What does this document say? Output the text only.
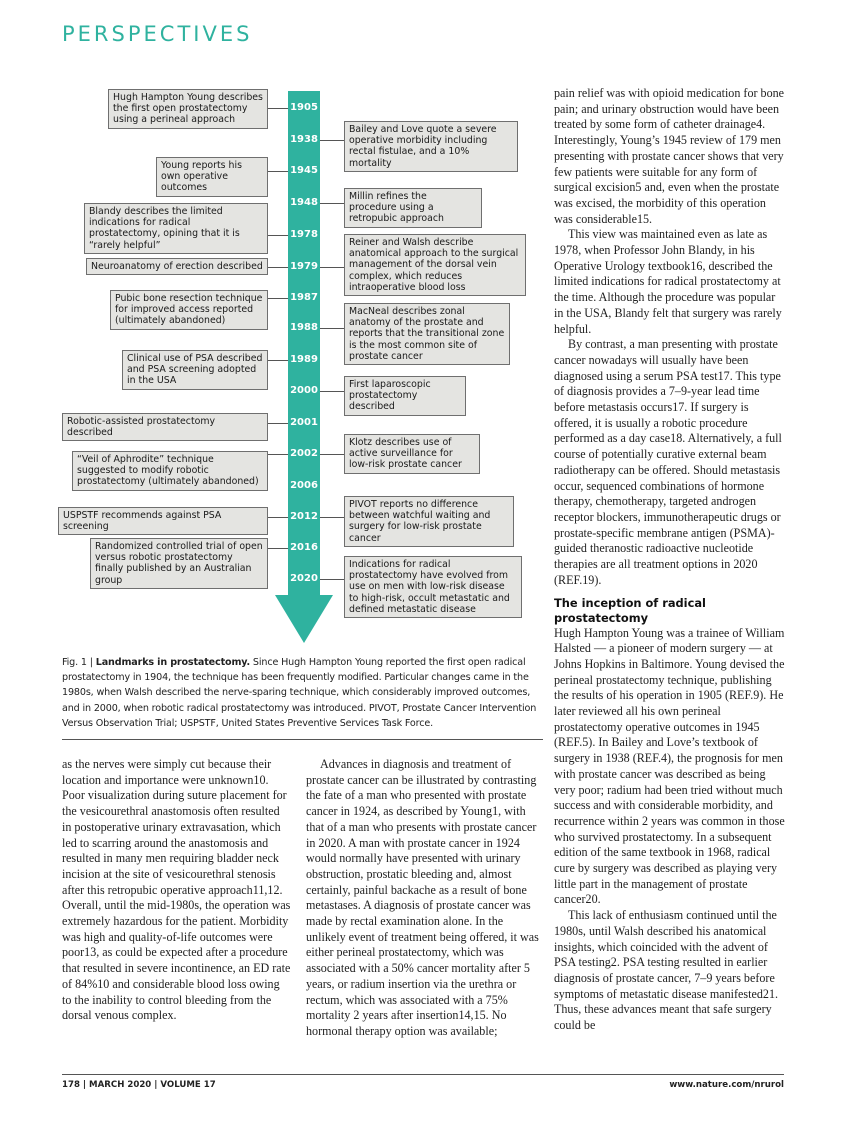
PERSPECTIVES
1905
1938
1945
1948
1978
1979
1987
1988
1989
2000
2001
2002
2006
2012
2016
2020
Hugh Hampton Young describes the first open prostatectomy using a perineal approach
Young reports his own operative outcomes
Blandy describes the limited indications for radical prostatectomy, opining that it is “rarely helpful”
Neuroanatomy of erection described
Pubic bone resection technique for improved access reported (ultimately abandoned)
Clinical use of PSA described and PSA screening adopted in the USA
Robotic-assisted prostatectomy described
“Veil of Aphrodite” technique suggested to modify robotic prostatectomy (ultimately abandoned)
USPSTF recommends against PSA screening
Randomized controlled trial of open versus robotic prostatectomy finally published by an Australian group
Bailey and Love quote a severe operative morbidity including rectal fistulae, and a 10% mortality
Millin refines the procedure using a retropubic approach
Reiner and Walsh describe anatomical approach to the surgical management of the dorsal vein complex, which reduces intraoperative blood loss
MacNeal describes zonal anatomy of the prostate and reports that the transitional zone is the most common site of prostate cancer
First laparoscopic prostatectomy described
Klotz describes use of active surveillance for low-risk prostate cancer
PIVOT reports no difference between watchful waiting and surgery for low-risk prostate cancer
Indications for radical prostatectomy have evolved from use on men with low-risk disease to high-risk, occult metastatic and defined metastatic disease
Fig. 1 | Landmarks in prostatectomy. Since Hugh Hampton Young reported the first open radical prostatectomy in 1904, the technique has been frequently modified. Particular changes came in the 1980s, when Walsh described the nerve-sparing technique, which considerably improved outcomes, and in 2000, when robotic radical prostatectomy was introduced. PIVOT, Prostate Cancer Intervention Versus Observation Trial; USPSTF, United States Preventive Services Task Force.

as the nerves were simply cut because their location and importance were unknown10. Poor visualization during suture placement for the vesicourethral anastomosis often resulted in postoperative urinary extravasation, which led to scarring around the anastomosis and resulted in many men requiring bladder neck incision at the site of vesicourethral stenosis after this retropubic operative approach11,12. Overall, until the mid-1980s, the operation was extremely hazardous for the patient. Morbidity was high and quality-of-life outcomes were poor13, as could be expected after a procedure that resulted in severe incontinence, an ED rate of 84%10 and considerable blood loss owing to the inability to control bleeding from the dorsal venous complex.

Advances in diagnosis and treatment of prostate cancer can be illustrated by contrasting the fate of a man who presented with prostate cancer in 1924, as described by Young1, with that of a man who presents with prostate cancer in 2020. A man with prostate cancer in 1924 would normally have presented with urinary obstruction, prostatic bleeding and, almost certainly, painful backache as a result of bone metastases. A diagnosis of prostate cancer was made by rectal examination alone. In the unlikely event of treatment being offered, it was either perineal prostatectomy, which was associated with a 50% cancer mortality after 5 years, or radium insertion via the urethra or rectum, which was associated with a 75% mortality 2 years after insertion14,15. No hormonal therapy option was available;

pain relief was with opioid medication for bone pain; and urinary obstruction would have been treated by some form of catheter drainage4. Interestingly, Young’s 1945 review of 179 men presenting with prostate cancer shows that very few patients were suitable for any form of surgical excision5 and, even when the prostate was excised, the morbidity of this operation was considerable15.

This view was maintained even as late as 1978, when Professor John Blandy, in his Operative Urology textbook16, described the limited indications for radical prostatectomy at the time. Although the procedure was popular in the USA, Blandy felt that surgery was rarely helpful.

By contrast, a man presenting with prostate cancer nowadays will usually have been diagnosed using a serum PSA test17. This type of diagnosis provides a 7–9-year lead time before metastasis occurs17. If surgery is offered, it is usually a robotic procedure performed as a day case18. Alternatively, a full course of potentially curative external beam radiotherapy can be offered. Should metastasis occur, sequenced combinations of hormone therapy, chemotherapy, targeted androgen receptor blockers, immunotherapeutic drugs or prostate-specific membrane antigen (PSMA)-guided theranostic radioactive nucleotide therapies are all treatment options in 2020 (REF.19).

The inception of radical prostatectomy

Hugh Hampton Young was a trainee of William Halsted — a pioneer of modern surgery — at Johns Hopkins in Baltimore. Young devised the perineal prostatectomy technique, publishing the results of his operation in 1905 (REF.9). He later reviewed all his own perineal prostatectomy operative outcomes in 1945 (REF.5). In Bailey and Love’s textbook of surgery in 1938 (REF.4), the prognosis for men with prostate cancer was described as being very poor; radium had been tried without much success and with considerable morbidity, and recurrence within 2 years was common in those who survived prostatectomy. In a subsequent edition of the same textbook in 1968, radical cure by surgery was described as playing very little part in the management of prostate cancer20.

This lack of enthusiasm continued until the 1980s, until Walsh described his anatomical insights, which coincided with the advent of PSA testing2. PSA testing resulted in earlier diagnosis of prostate cancer, 7–9 years before symptoms of metastatic disease manifested21. Thus, these advances meant that safe surgery could be

178 | MARCH 2020 | VOLUME 17	www.nature.com/nrurol
